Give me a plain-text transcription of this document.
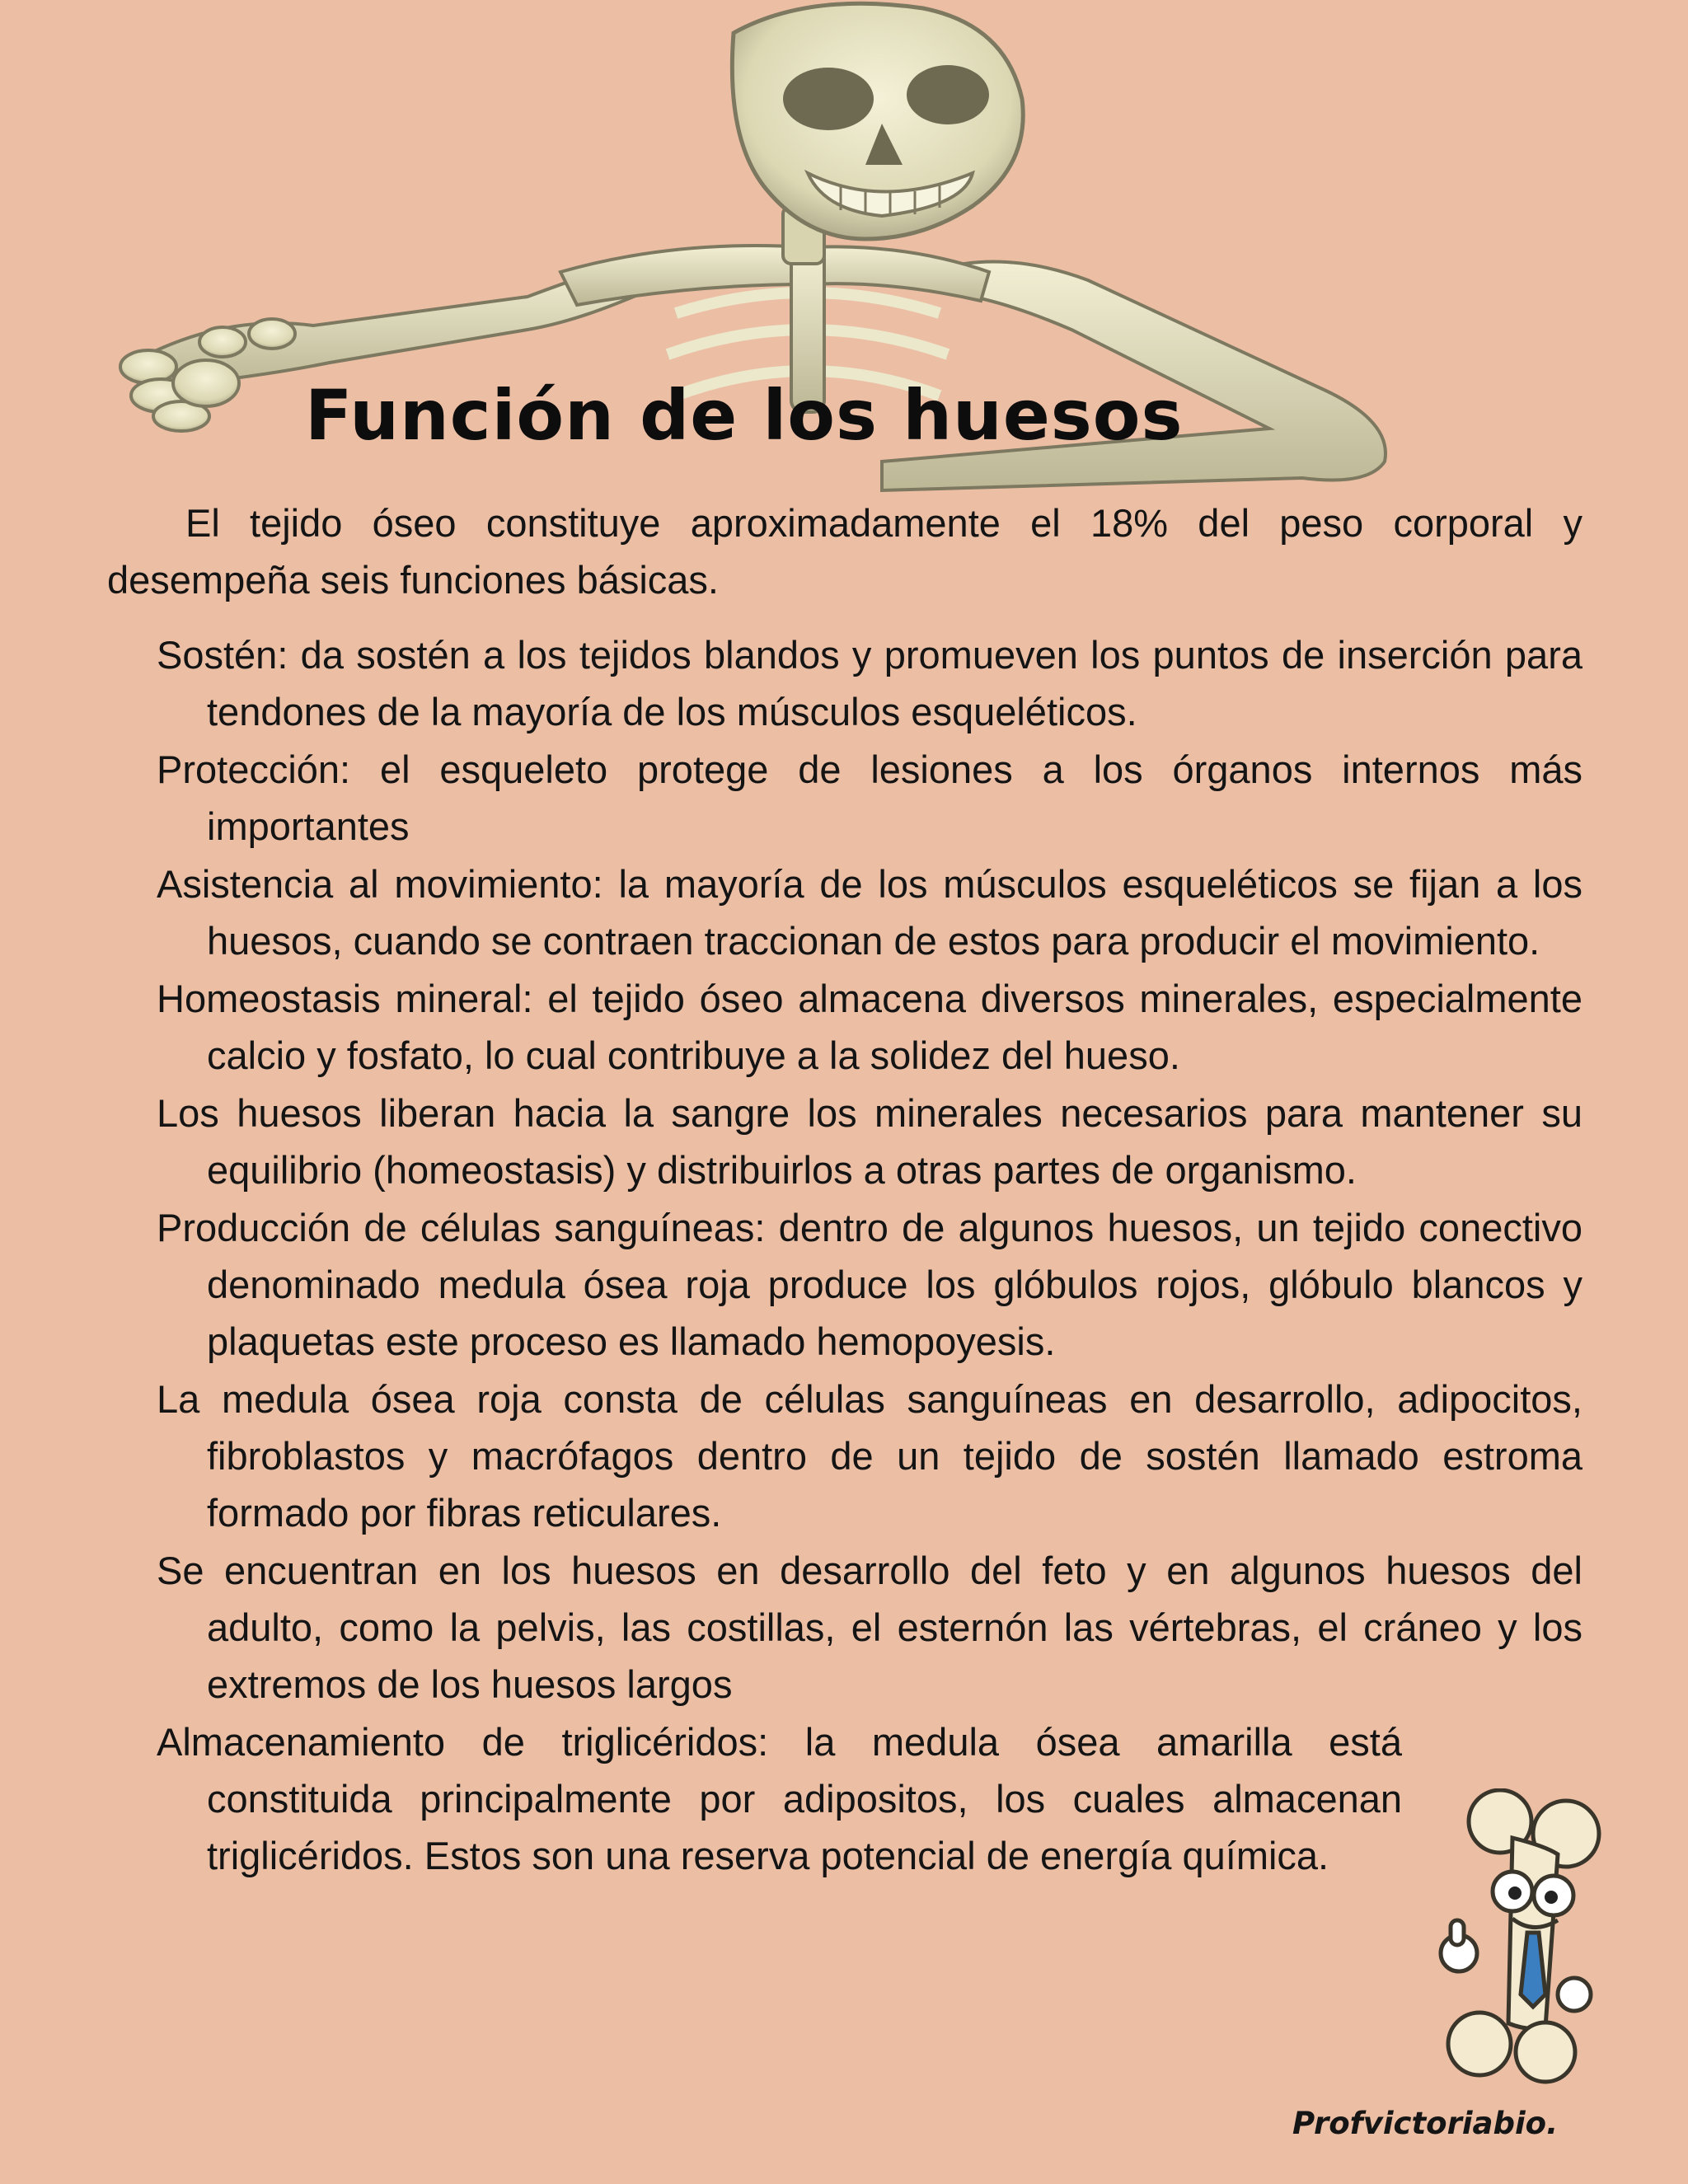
Función de los huesos

El tejido óseo constituye aproximadamente el 18% del peso corporal y desempeña seis funciones básicas.

Sostén: da sostén a los tejidos blandos y promueven los puntos de inserción para tendones de la mayoría de los músculos esqueléticos.
Protección: el esqueleto protege de lesiones a los órganos internos más importantes
Asistencia al movimiento: la mayoría de los músculos esqueléticos se fijan a los huesos, cuando se contraen traccionan de estos para producir el movimiento.
Homeostasis mineral: el tejido óseo almacena diversos minerales, especialmente calcio y fosfato, lo cual contribuye a la solidez del hueso.
Los huesos liberan hacia la sangre los minerales necesarios para mantener su equilibrio (homeostasis) y distribuirlos a otras partes de organismo.
Producción de células sanguíneas: dentro de algunos huesos, un tejido conectivo denominado medula ósea roja produce los glóbulos rojos, glóbulo blancos y plaquetas este proceso es llamado hemopoyesis.
La medula ósea roja consta de células sanguíneas en desarrollo, adipocitos, fibroblastos y macrófagos dentro de un tejido de sostén llamado estroma formado por fibras reticulares.
Se encuentran en los huesos en desarrollo del feto y en algunos huesos del adulto, como la pelvis, las costillas, el esternón las vértebras, el cráneo y los extremos de los huesos largos
Almacenamiento de triglicéridos: la medula ósea amarilla está constituida principalmente por adipositos, los cuales almacenan triglicéridos. Estos son una reserva potencial de energía química.
Profvictoriabio.
